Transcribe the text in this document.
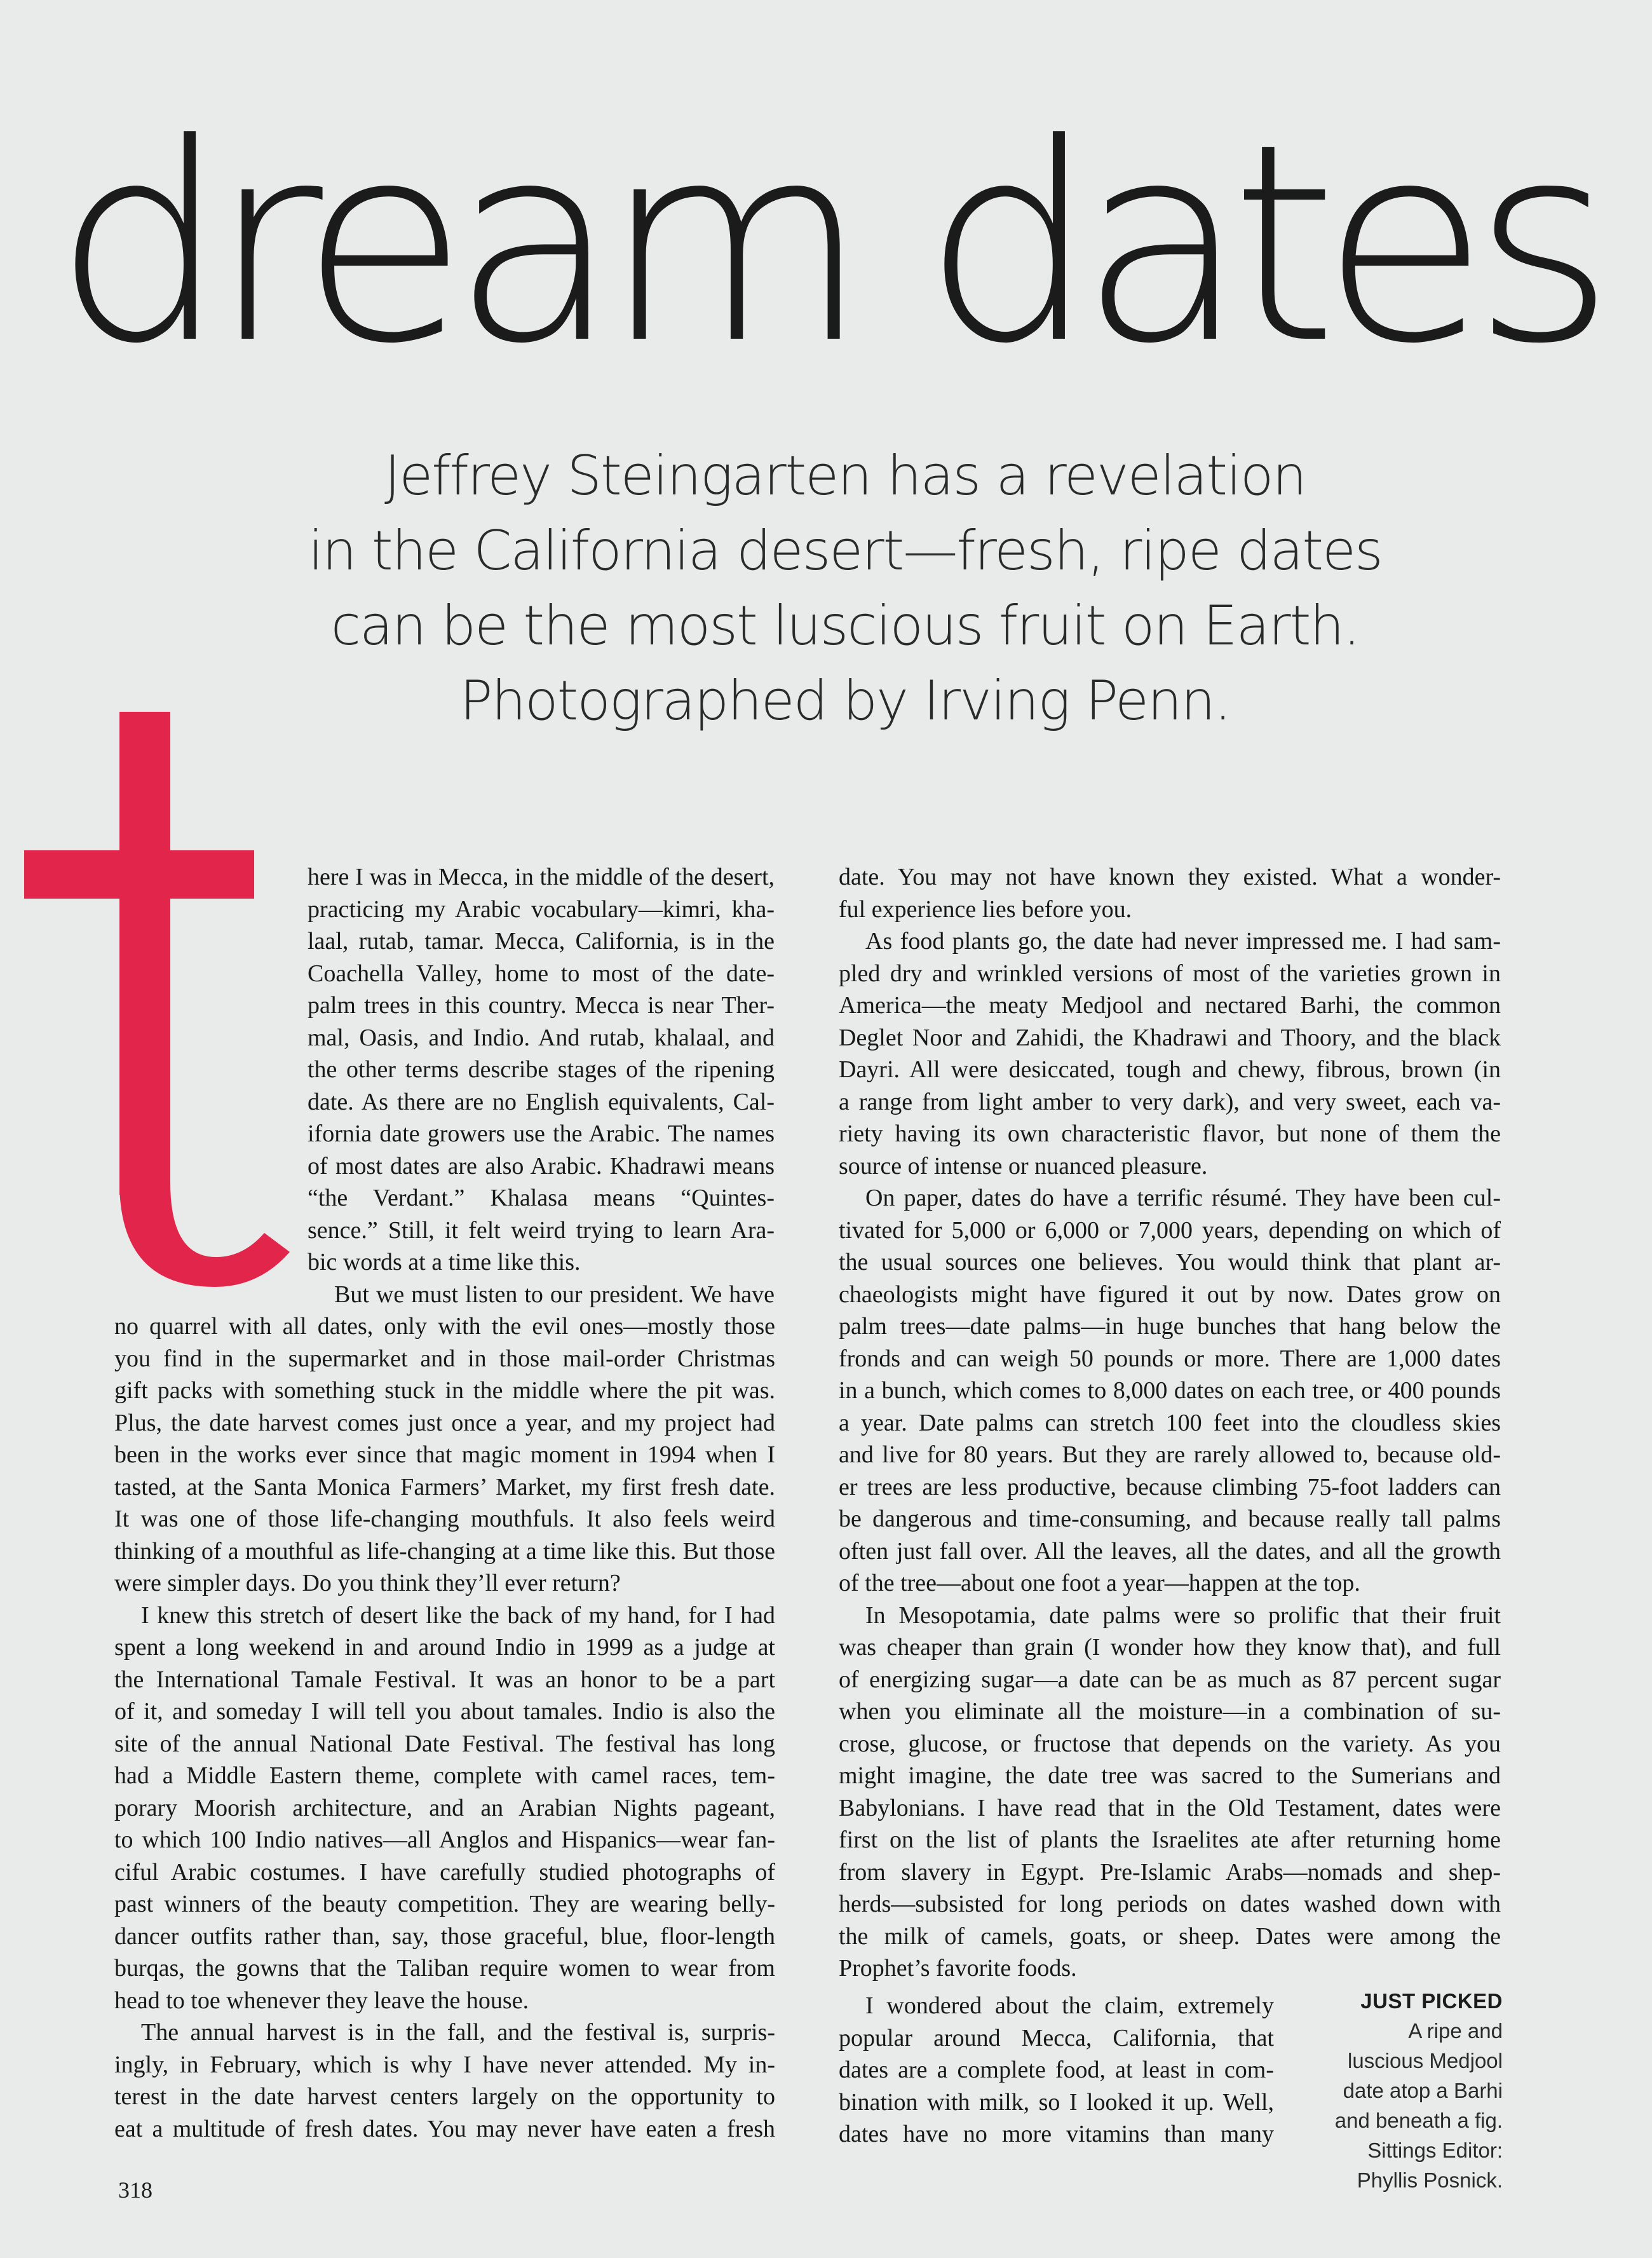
dream dates
Jeffrey Steingarten has a revelation
in the California desert—fresh, ripe dates
can be the most luscious fruit on Earth.
Photographed by Irving Penn.
here I was in Mecca, in the middle of the desert,
practicing my Arabic vocabulary—kimri, kha-
laal, rutab, tamar. Mecca, California, is in the
Coachella Valley, home to most of the date-
palm trees in this country. Mecca is near Ther-
mal, Oasis, and Indio. And rutab, khalaal, and
the other terms describe stages of the ripening
date. As there are no English equivalents, Cal-
ifornia date growers use the Arabic. The names
of most dates are also Arabic. Khadrawi means
“the Verdant.” Khalasa means “Quintes-
sence.” Still, it felt weird trying to learn Ara-
bic words at a time like this.
But we must listen to our president. We have
no quarrel with all dates, only with the evil ones—mostly those
you find in the supermarket and in those mail-order Christmas
gift packs with something stuck in the middle where the pit was.
Plus, the date harvest comes just once a year, and my project had
been in the works ever since that magic moment in 1994 when I
tasted, at the Santa Monica Farmers’ Market, my first fresh date.
It was one of those life-changing mouthfuls. It also feels weird
thinking of a mouthful as life-changing at a time like this. But those
were simpler days. Do you think they’ll ever return?
I knew this stretch of desert like the back of my hand, for I had
spent a long weekend in and around Indio in 1999 as a judge at
the International Tamale Festival. It was an honor to be a part
of it, and someday I will tell you about tamales. Indio is also the
site of the annual National Date Festival. The festival has long
had a Middle Eastern theme, complete with camel races, tem-
porary Moorish architecture, and an Arabian Nights pageant,
to which 100 Indio natives—all Anglos and Hispanics—wear fan-
ciful Arabic costumes. I have carefully studied photographs of
past winners of the beauty competition. They are wearing belly-
dancer outfits rather than, say, those graceful, blue, floor-length
burqas, the gowns that the Taliban require women to wear from
head to toe whenever they leave the house.
The annual harvest is in the fall, and the festival is, surpris-
ingly, in February, which is why I have never attended. My in-
terest in the date harvest centers largely on the opportunity to
eat a multitude of fresh dates. You may never have eaten a fresh
date. You may not have known they existed. What a wonder-
ful experience lies before you.
As food plants go, the date had never impressed me. I had sam-
pled dry and wrinkled versions of most of the varieties grown in
America—the meaty Medjool and nectared Barhi, the common
Deglet Noor and Zahidi, the Khadrawi and Thoory, and the black
Dayri. All were desiccated, tough and chewy, fibrous, brown (in
a range from light amber to very dark), and very sweet, each va-
riety having its own characteristic flavor, but none of them the
source of intense or nuanced pleasure.
On paper, dates do have a terrific résumé. They have been cul-
tivated for 5,000 or 6,000 or 7,000 years, depending on which of
the usual sources one believes. You would think that plant ar-
chaeologists might have figured it out by now. Dates grow on
palm trees—date palms—in huge bunches that hang below the
fronds and can weigh 50 pounds or more. There are 1,000 dates
in a bunch, which comes to 8,000 dates on each tree, or 400 pounds
a year. Date palms can stretch 100 feet into the cloudless skies
and live for 80 years. But they are rarely allowed to, because old-
er trees are less productive, because climbing 75-foot ladders can
be dangerous and time-consuming, and because really tall palms
often just fall over. All the leaves, all the dates, and all the growth
of the tree—about one foot a year—happen at the top.
In Mesopotamia, date palms were so prolific that their fruit
was cheaper than grain (I wonder how they know that), and full
of energizing sugar—a date can be as much as 87 percent sugar
when you eliminate all the moisture—in a combination of su-
crose, glucose, or fructose that depends on the variety. As you
might imagine, the date tree was sacred to the Sumerians and
Babylonians. I have read that in the Old Testament, dates were
first on the list of plants the Israelites ate after returning home
from slavery in Egypt. Pre-Islamic Arabs—nomads and shep-
herds—subsisted for long periods on dates washed down with
the milk of camels, goats, or sheep. Dates were among the
Prophet’s favorite foods.
I wondered about the claim, extremely
popular around Mecca, California, that
dates are a complete food, at least in com-
bination with milk, so I looked it up. Well,
dates have no more vitamins than many
JUST PICKED
A ripe and
luscious Medjool
date atop a Barhi
and beneath a fig.
Sittings Editor:
Phyllis Posnick.
318
